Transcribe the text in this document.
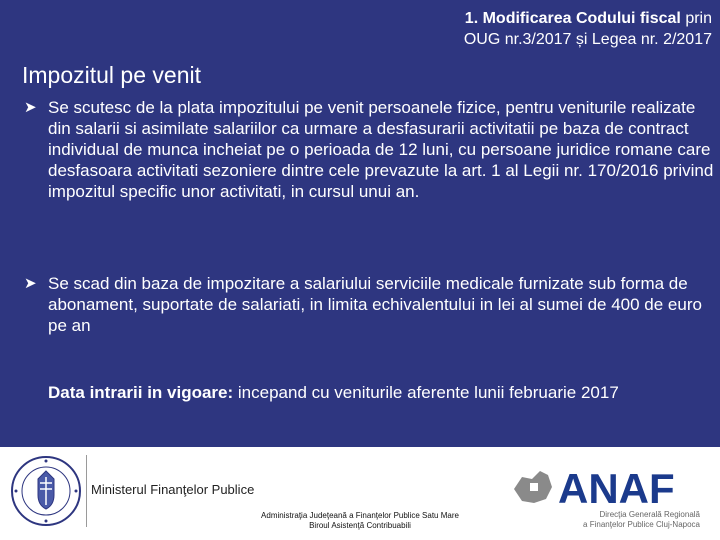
1. Modificarea Codului fiscal prin
OUG nr.3/2017 și Legea nr. 2/2017
Impozitul pe venit
➤ Se scutesc de la plata impozitului pe venit persoanele fizice, pentru veniturile realizate din salarii si asimilate salariilor ca urmare a desfasurarii activitatii pe baza de contract individual de munca incheiat pe o perioada de 12 luni, cu persoane juridice romane care desfasoara activitati sezoniere dintre cele prevazute la art. 1 al Legii nr. 170/2016 privind impozitul specific unor activitati, in cursul unui an.
➤ Se scad din baza de impozitare a salariului serviciile medicale furnizate sub forma de abonament, suportate de salariati, in limita echivalentului in lei al sumei de 400 de euro pe an
Data intrarii in vigoare: incepand cu veniturile aferente lunii februarie 2017
Ministerul Finanţelor Publice
Administraţia Judeţeană a Finanţelor Publice Satu Mare
Biroul Asistenţă Contribuabili
ANAF
Direcţia Generală Regională
a Finanţelor Publice Cluj-Napoca
